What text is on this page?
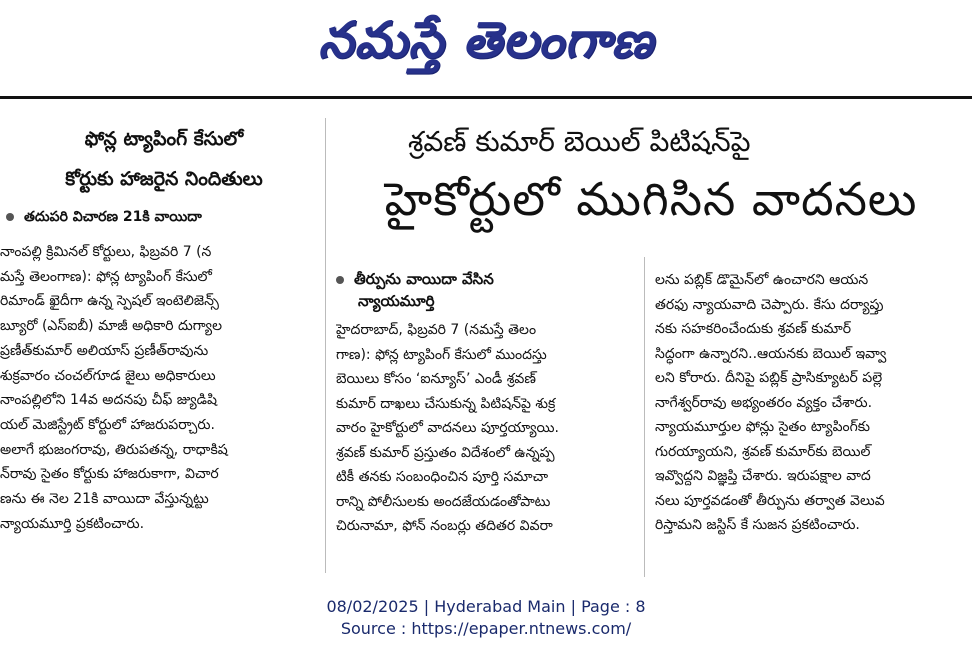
నమస్తే తెలంగాణ
ఫోన్ల ట్యాపింగ్ కేసులో
కోర్టుకు హాజరైన నిందితులు
తదుపరి విచారణ 21కి వాయిదా
నాంపల్లి క్రిమినల్ కోర్టులు, ఫిబ్రవరి 7 (న
మస్తే తెలంగాణ): ఫోన్ల ట్యాపింగ్ కేసులో
రిమాండ్ ఖైదీగా ఉన్న స్పెషల్ ఇంటెలిజెన్స్
బ్యూరో (ఎస్ఐబీ) మాజీ అధికారి దుగ్యాల
ప్రణీత్‌కుమార్ అలియాస్ ప్రణీత్‌రావును
శుక్రవారం చంచల్‌గూడ జైలు అధికారులు
నాంపల్లిలోని 14వ అదనపు చీఫ్ జ్యుడిషి
యల్ మెజిస్ట్రేట్ కోర్టులో హాజరుపర్చారు.
అలాగే భుజంగరావు, తిరుపతన్న, రాధాకిష
న్‌రావు సైతం కోర్టుకు హాజరుకాగా, విచార
ణను ఈ నెల 21కి వాయిదా వేస్తున్నట్టు
న్యాయమూర్తి ప్రకటించారు.
శ్రవణ్ కుమార్ బెయిల్ పిటిషన్‌పై
హైకోర్టులో ముగిసిన వాదనలు
తీర్పును వాయిదా వేసిన
న్యాయమూర్తి
హైదరాబాద్, ఫిబ్రవరి 7 (నమస్తే తెలం
గాణ): ఫోన్ల ట్యాపింగ్ కేసులో ముందస్తు
బెయిలు కోసం ‘ఐన్యూస్’ ఎండీ శ్రవణ్
కుమార్ దాఖలు చేసుకున్న పిటిషన్‌పై శుక్ర
వారం హైకోర్టులో వాదనలు పూర్తయ్యాయి.
శ్రవణ్ కుమార్ ప్రస్తుతం విదేశంలో ఉన్నప్ప
టికీ తనకు సంబంధించిన పూర్తి సమాచా
రాన్ని పోలీసులకు అందజేయడంతోపాటు
చిరునామా, ఫోన్ నంబర్లు తదితర వివరా
లను పబ్లిక్ డొమైన్‌లో ఉంచారని ఆయన
తరఫు న్యాయవాది చెప్పారు. కేసు దర్యాప్తు
నకు సహకరించేందుకు శ్రవణ్ కుమార్
సిద్ధంగా ఉన్నారని..ఆయనకు బెయిల్ ఇవ్వా
లని కోరారు. దీనిపై పబ్లిక్ ప్రాసిక్యూటర్ పల్లె
నాగేశ్వర్‌రావు అభ్యంతరం వ్యక్తం చేశారు.
న్యాయమూర్తుల ఫోన్లు సైతం ట్యాపింగ్‌కు
గురయ్యాయని, శ్రవణ్ కుమార్‌కు బెయిల్
ఇవ్వొద్దని విజ్ఞప్తి చేశారు. ఇరుపక్షాల వాద
నలు పూర్తవడంతో తీర్పును తర్వాత వెలువ
రిస్తామని జస్టిస్ కే సుజన ప్రకటించారు.
08/02/2025 | Hyderabad Main | Page : 8
Source : https://epaper.ntnews.com/
